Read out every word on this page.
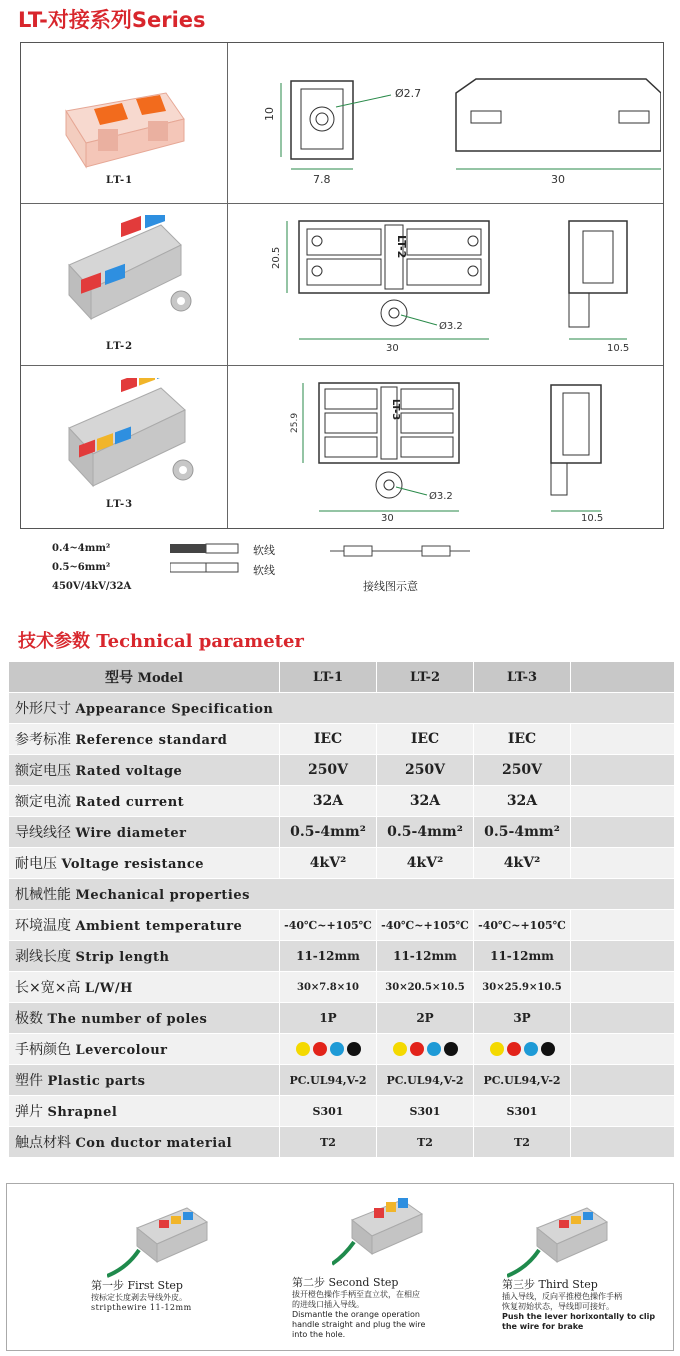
LT-对接系列Series
LT-1
10
Ø2.7
7.8	30
LT-2
LT-2
Ø3.2
20.5
30	10.5
LT-3
LT-3
Ø3.2
25.9
30	10.5
0.4~4mm²
0.5~6mm²
450V/4kV/32A
软线
软线
接线图示意
技术参数 Technical parameter
型号 Model	LT-1	LT-2	LT-3	
外形尺寸 Appearance Specification				
参考标准 Reference standard	IEC	IEC	IEC	
额定电压 Rated voltage	250V	250V	250V	
额定电流 Rated current	32A	32A	32A	
导线线径 Wire diameter	0.5-4mm²	0.5-4mm²	0.5-4mm²	
耐电压 Voltage resistance	4kV²	4kV²	4kV²	
机械性能 Mechanical properties				
环境温度 Ambient temperature	-40℃~+105℃	-40℃~+105℃	-40℃~+105℃	
剥线长度 Strip length	11-12mm	11-12mm	11-12mm	
长×宽×高 L/W/H	30×7.8×10	30×20.5×10.5	30×25.9×10.5	
极数 The number of poles	1P	2P	3P	
手柄颜色 Levercolour	

塑件 Plastic parts	PC.UL94,V-2	PC.UL94,V-2	PC.UL94,V-2	
弹片 Shrapnel	S301	S301	S301	
触点材料 Con ductor material	T2	T2	T2	
第一步 First Step
按标定长度剥去导线外皮。
stripthewire 11-12mm
第二步 Second Step
拔开橙色操作手柄至直立状，在相应
的进线口插入导线。
Dismantle the orange operation
handle straight and plug the wire
into the hole.
第三步 Third Step
插入导线，反向平推橙色操作手柄
恢复初始状态，导线即可接好。
Push the lever horixontally to clip
the wire for brake
